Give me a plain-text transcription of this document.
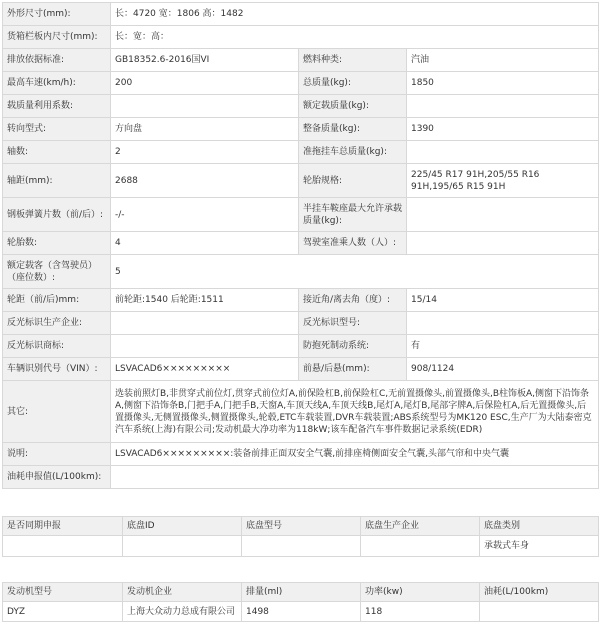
外形尺寸(mm):	长：4720 宽：1806 高：1482		
货箱栏板内尺寸(mm):	长：宽：高：		
排放依据标准:	GB18352.6-2016国VI	燃料种类:	汽油
最高车速(km/h):	200	总质量(kg):	1850
载质量利用系数:		额定载质量(kg):	
转向型式:	方向盘	整备质量(kg):	1390
轴数:	2	准拖挂车总质量(kg):	
轴距(mm):	2688	轮胎规格:	225/45 R17 91H,205/55 R16 91H,195/65 R15 91H
钢板弹簧片数（前/后）:	-/-	半挂车鞍座最大允许承载质量(kg):	
轮胎数:	4	驾驶室准乘人数（人）:	
额定载客（含驾驶员）（座位数）:	5		
轮距（前/后)mm:	前轮距:1540 后轮距:1511	接近角/离去角（度）:	15/14
反光标识生产企业:		反光标识型号:	
反光标识商标:		防抱死制动系统:	有
车辆识别代号（VIN）:	LSVACAD6×××××××××	前悬/后悬(mm):	908/1124
其它:	选装前照灯B,非贯穿式前位灯,贯穿式前位灯A,前保险杠B,前保险杠C,无前置摄像头,前置摄像头,B柱饰板A,侧窗下沿饰条A,侧窗下沿饰条B,门把手A,门把手B,天窗A,车顶天线A,车顶天线B,尾灯A,尾灯B,尾部字牌A,后保险杠A,后无置摄像头,后置摄像头,无侧置摄像头,侧置摄像头,轮毂,ETC车载装置,DVR车载装置;ABS系统型号为MK120 ESC,生产厂为大陆泰密克汽车系统(上海)有限公司;发动机最大净功率为118kW;该车配备汽车事件数据记录系统(EDR)		
说明:	LSVACAD6×××××××××:装备前排正面双安全气囊,前排座椅侧面安全气囊,头部气帘和中央气囊		
油耗申报值(L/100km):			
是否同期申报	底盘ID	底盘型号	底盘生产企业	底盘类别
				承载式车身
发动机型号	发动机企业	排量(ml)	功率(kw)	油耗(L/100km)
DYZ	上海大众动力总成有限公司	1498	118	
